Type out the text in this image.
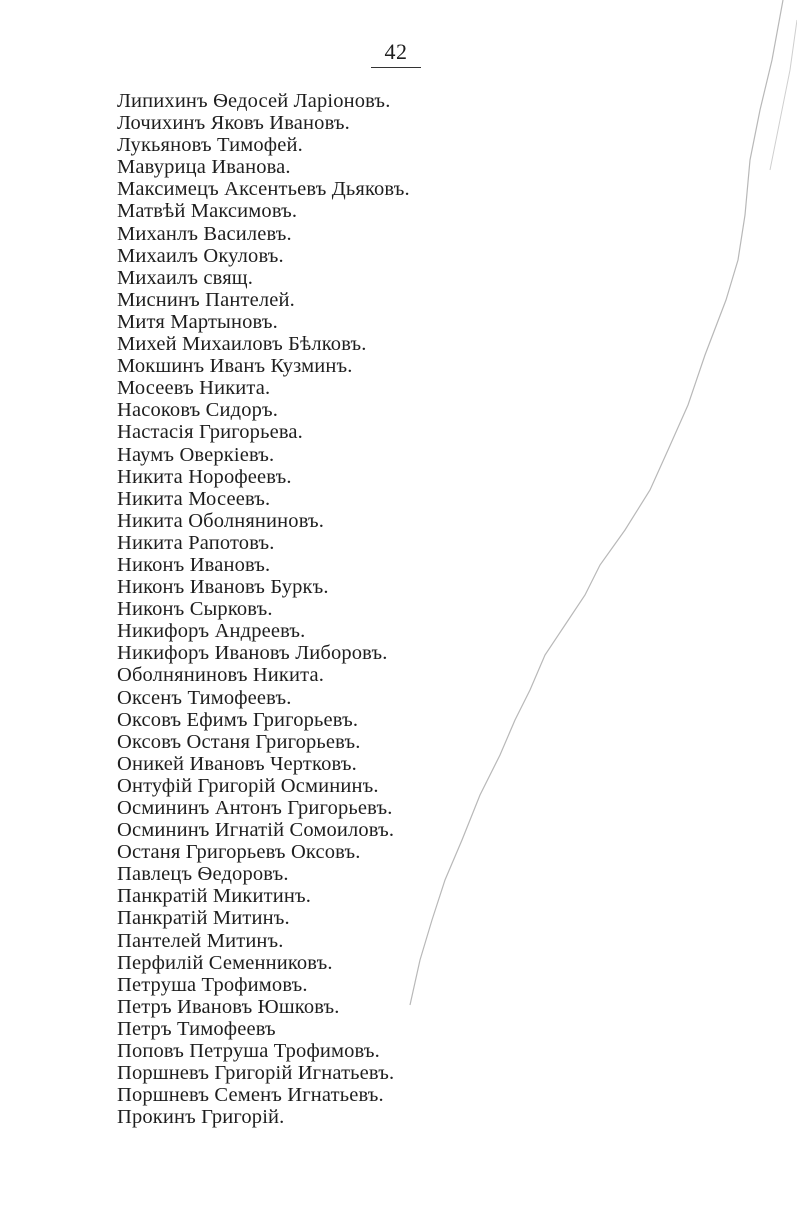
42
Липихинъ Ѳедосей Ларіоновъ.
Лочихинъ Яковъ Ивановъ.
Лукьяновъ Тимофей.
Мавурица Иванова.
Максимецъ Аксентьевъ Дьяковъ.
Матвѣй Максимовъ.
Миханлъ Василевъ.
Михаилъ Окуловъ.
Михаилъ свящ.
Миснинъ Пантелей.
Митя Мартыновъ.
Михей Михаиловъ Бѣлковъ.
Мокшинъ Иванъ Кузминъ.
Мосеевъ Никита.
Насоковъ Сидоръ.
Настасія Григорьева.
Наумъ Оверкіевъ.
Никита Норофеевъ.
Никита Мосеевъ.
Никита Оболняниновъ.
Никита Рапотовъ.
Никонъ Ивановъ.
Никонъ Ивановъ Буркъ.
Никонъ Сырковъ.
Никифоръ Андреевъ.
Никифоръ Ивановъ Либоровъ.
Оболняниновъ Никита.
Оксенъ Тимофеевъ.
Оксовъ Ефимъ Григорьевъ.
Оксовъ Останя Григорьевъ.
Оникей Ивановъ Чертковъ.
Онтуфій Григорій Осмининъ.
Осмининъ Антонъ Григорьевъ.
Осмининъ Игнатій Сомоиловъ.
Останя Григорьевъ Оксовъ.
Павлецъ Ѳедоровъ.
Панкратій Микитинъ.
Панкратій Митинъ.
Пантелей Митинъ.
Перфилій Семенниковъ.
Петруша Трофимовъ.
Петръ Ивановъ Юшковъ.
Петръ Тимофеевъ
Поповъ Петруша Трофимовъ.
Поршневъ Григорій Игнатьевъ.
Поршневъ Семенъ Игнатьевъ.
Прокинъ Григорій.
